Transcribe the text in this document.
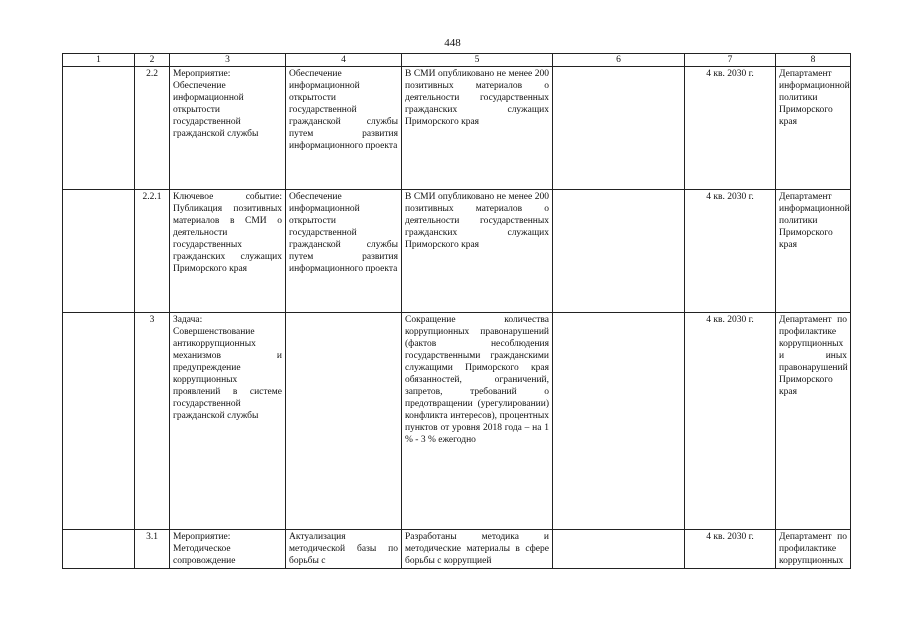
448
1	2	3	4	5	6	7	8
	2.2	Мероприятие: Обеспечение информационной открытости государственной гражданской службы	Обеспечение информационной открытости государственной гражданской службы путем развития информационного проекта	В СМИ опубликовано не менее 200 позитивных материалов о деятельности государственных гражданских служащих Приморского края		4 кв. 2030 г.	Департамент информационной политики Приморского края
	2.2.1	Ключевое событие: Публикация позитивных материалов в СМИ о деятельности государственных гражданских служащих Приморского края	Обеспечение информационной открытости государственной гражданской службы путем развития информационного проекта	В СМИ опубликовано не менее 200 позитивных материалов о деятельности государственных гражданских служащих Приморского края		4 кв. 2030 г.	Департамент информационной политики Приморского края
	3	Задача: Совершенствование антикоррупционных механизмов и предупреждение коррупционных проявлений в системе государственной гражданской службы		Сокращение количества коррупционных правонарушений (фактов несоблюдения государственными гражданскими служащими Приморского края обязанностей, ограничений, запретов, требований о предотвращении (урегулировании) конфликта интересов), процентных пунктов от уровня 2018 года – на 1 % - 3 % ежегодно		4 кв. 2030 г.	Департамент по профилактике коррупционных и иных правонарушений Приморского края
	3.1	Мероприятие: Методическое сопровождение	Актуализация методической базы по борьбы с	Разработаны методика и методические материалы в сфере борьбы с коррупцией		4 кв. 2030 г.	Департамент по профилактике коррупционных
